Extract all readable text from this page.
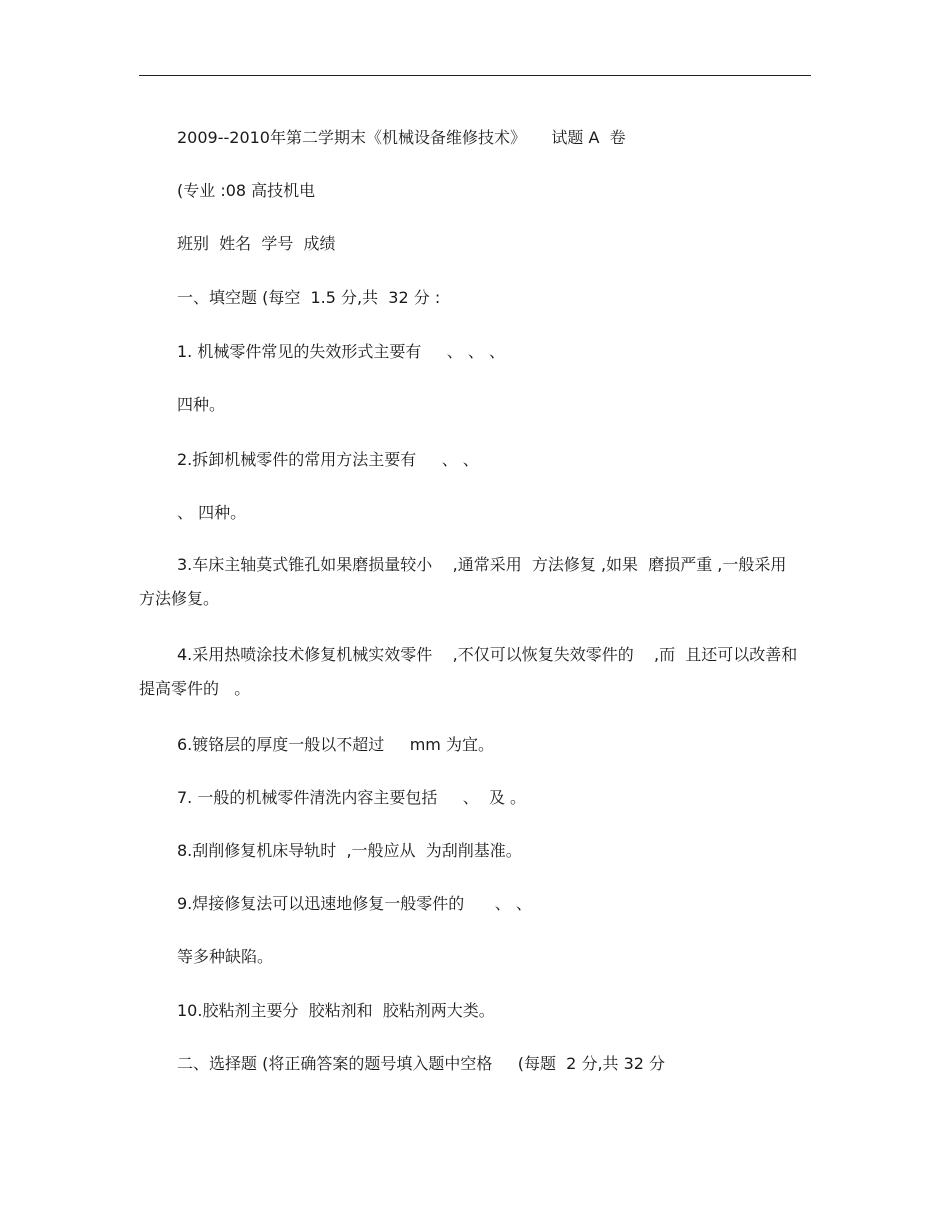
2009--2010年第二学期末《机械设备维修技术》     试题 A  卷
(专业 :08 高技机电
班别  姓名  学号  成绩
一、填空题 (每空  1.5 分,共  32 分 :
1. 机械零件常见的失效形式主要有     、 、 、
四种。
2.拆卸机械零件的常用方法主要有     、 、
、 四种。
3.车床主轴莫式锥孔如果磨损量较小    ,通常采用  方法修复 ,如果  磨损严重 ,一般采用  方法修复。
4.采用热喷涂技术修复机械实效零件    ,不仅可以恢复失效零件的    ,而  且还可以改善和提高零件的   。
6.镀铬层的厚度一般以不超过     mm 为宜。
7. 一般的机械零件清洗内容主要包括     、  及 。
8.刮削修复机床导轨时  ,一般应从  为刮削基准。
9.焊接修复法可以迅速地修复一般零件的      、 、
等多种缺陷。
10.胶粘剂主要分  胶粘剂和  胶粘剂两大类。
二、选择题 (将正确答案的题号填入题中空格     (每题  2 分,共 32 分
